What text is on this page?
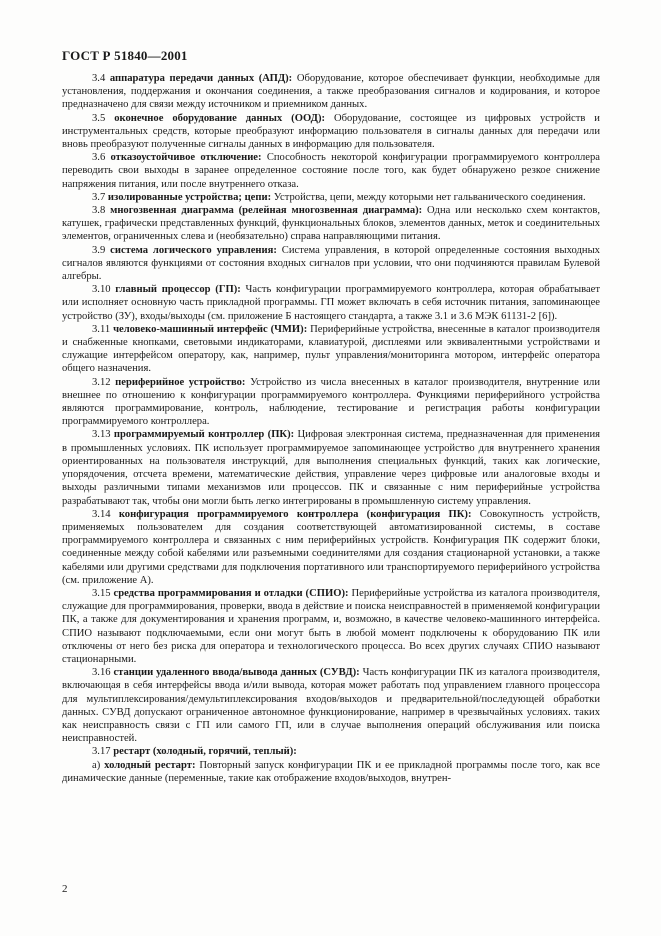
ГОСТ Р 51840—2001

3.4 аппаратура передачи данных (АПД): Оборудование, которое обеспечивает функции, необходимые для установления, поддержания и окончания соединения, а также преобразования сигналов и кодирования, и которое предназначено для связи между источником и приемником данных.

3.5 оконечное оборудование данных (ООД): Оборудование, состоящее из цифровых устройств и инструментальных средств, которые преобразуют информацию пользователя в сигналы данных для передачи или вновь преобразуют полученные сигналы данных в информацию для пользователя.

3.6 отказоустойчивое отключение: Способность некоторой конфигурации программируемого контроллера переводить свои выходы в заранее определенное состояние после того, как будет обнаружено резкое снижение напряжения питания, или после внутреннего отказа.

3.7 изолированные устройства; цепи: Устройства, цепи, между которыми нет гальванического соединения.

3.8 многозвенная диаграмма (релейная многозвенная диаграмма): Одна или несколько схем контактов, катушек, графически представленных функций, функциональных блоков, элементов данных, меток и соединительных элементов, ограниченных слева и (необязательно) справа направляющими питания.

3.9 система логического управления: Система управления, в которой определенные состояния выходных сигналов являются функциями от состояния входных сигналов при условии, что они подчиняются правилам Булевой алгебры.

3.10 главный процессор (ГП): Часть конфигурации программируемого контроллера, которая обрабатывает или исполняет основную часть прикладной программы. ГП может включать в себя источник питания, запоминающее устройство (ЗУ), входы/выходы (см. приложение Б настоящего стандарта, а также 3.1 и 3.6 МЭК 61131-2 [6]).

3.11 человеко-машинный интерфейс (ЧМИ): Периферийные устройства, внесенные в каталог производителя и снабженные кнопками, световыми индикаторами, клавиатурой, дисплеями или эквивалентными устройствами и служащие интерфейсом оператору, как, например, пульт управления/мониторинга мотором, интерфейс оператора общего назначения.

3.12 периферийное устройство: Устройство из числа внесенных в каталог производителя, внутренние или внешнее по отношению к конфигурации программируемого контроллера. Функциями периферийного устройства являются программирование, контроль, наблюдение, тестирование и регистрация работы конфигурации программируемого контроллера.

3.13 программируемый контроллер (ПК): Цифровая электронная система, предназначенная для применения в промышленных условиях. ПК использует программируемое запоминающее устройство для внутреннего хранения ориентированных на пользователя инструкций, для выполнения специальных функций, таких как логические, упорядочения, отсчета времени, математические действия, управление через цифровые или аналоговые входы и выходы различными типами механизмов или процессов. ПК и связанные с ним периферийные устройства разрабатывают так, чтобы они могли быть легко интегрированы в промышленную систему управления.

3.14 конфигурация программируемого контроллера (конфигурация ПК): Совокупность устройств, применяемых пользователем для создания соответствующей автоматизированной системы, в составе программируемого контроллера и связанных с ним периферийных устройств. Конфигурация ПК содержит блоки, соединенные между собой кабелями или разъемными соединителями для создания стационарной установки, а также кабелями или другими средствами для подключения портативного или транспортируемого периферийного устройства (см. приложение А).

3.15 средства программирования и отладки (СПИО): Периферийные устройства из каталога производителя, служащие для программирования, проверки, ввода в действие и поиска неисправностей в применяемой конфигурации ПК, а также для документирования и хранения программ, и, возможно, в качестве человеко-машинного интерфейса. СПИО называют подключаемыми, если они могут быть в любой момент подключены к оборудованию ПК или отключены от него без риска для оператора и технологического процесса. Во всех других случаях СПИО называют стационарными.

3.16 станции удаленного ввода/вывода данных (СУВД): Часть конфигурации ПК из каталога производителя, включающая в себя интерфейсы ввода и/или вывода, которая может работать под управлением главного процессора для мультиплексирования/демультиплексирования входов/выходов и предварительной/последующей обработки данных. СУВД допускают ограниченное автономное функционирование, например в чрезвычайных условиях. таких как неисправность связи с ГП или самого ГП, или в случае выполнения операций обслуживания или поиска неисправностей.

3.17 рестарт (холодный, горячий, теплый):

а) холодный рестарт: Повторный запуск конфигурации ПК и ее прикладной программы после того, как все динамические данные (переменные, такие как отображение входов/выходов, внутрен-

2
